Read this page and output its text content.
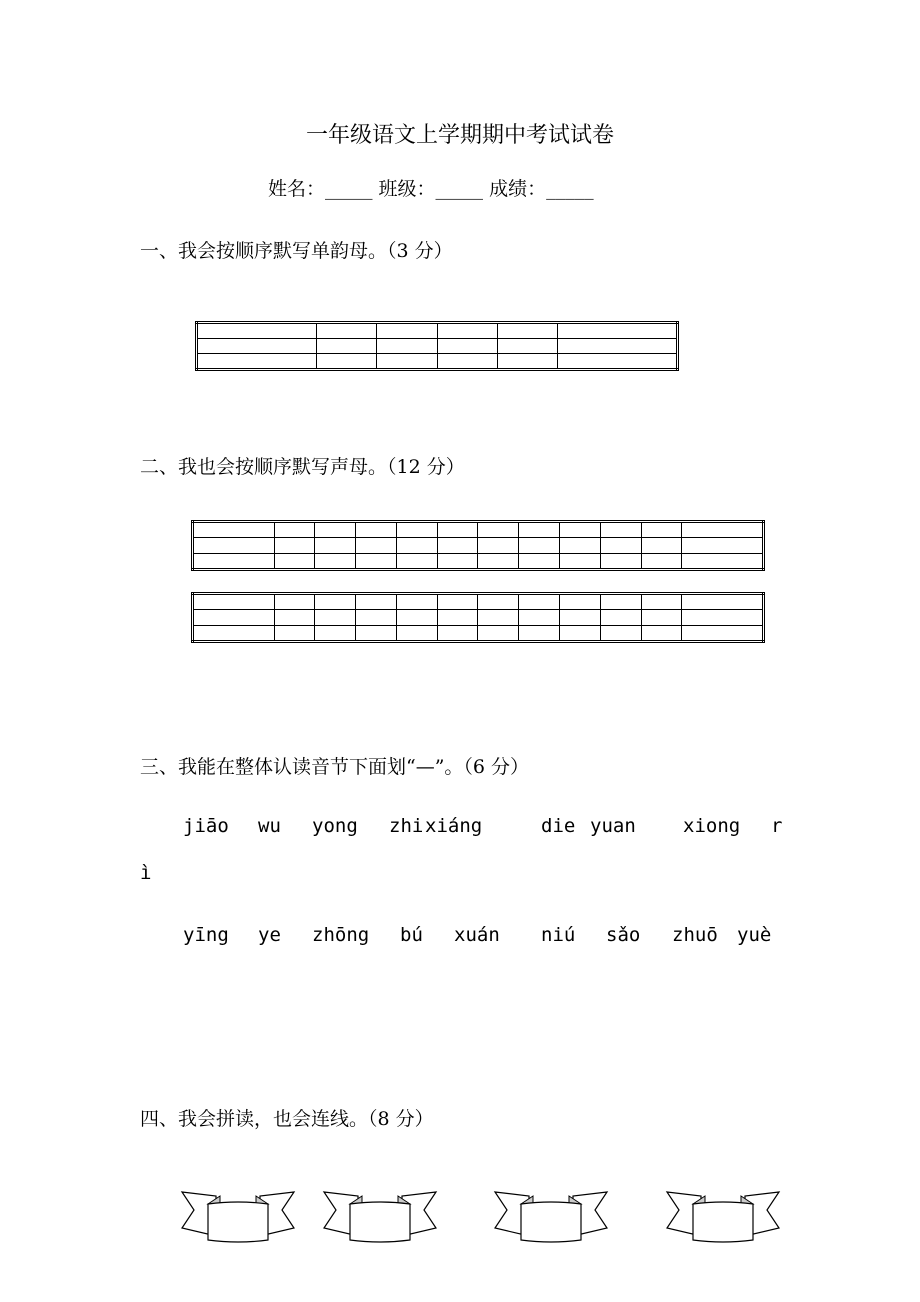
一年级语文上学期期中考试试卷
姓名：_____ 班级：_____ 成绩：_____
一、我会按顺序默写单韵母。（3 分）

二、我也会按顺序默写声母。（12 分）

三、我能在整体认读音节下面划“—”。（6 分）
jiāo wu yong zhi xiáng	die yuan xiong r
ì
yīng ye zhōng bú xuán niú sǎo zhuō yuè
四、我会拼读，也会连线。（8 分）
